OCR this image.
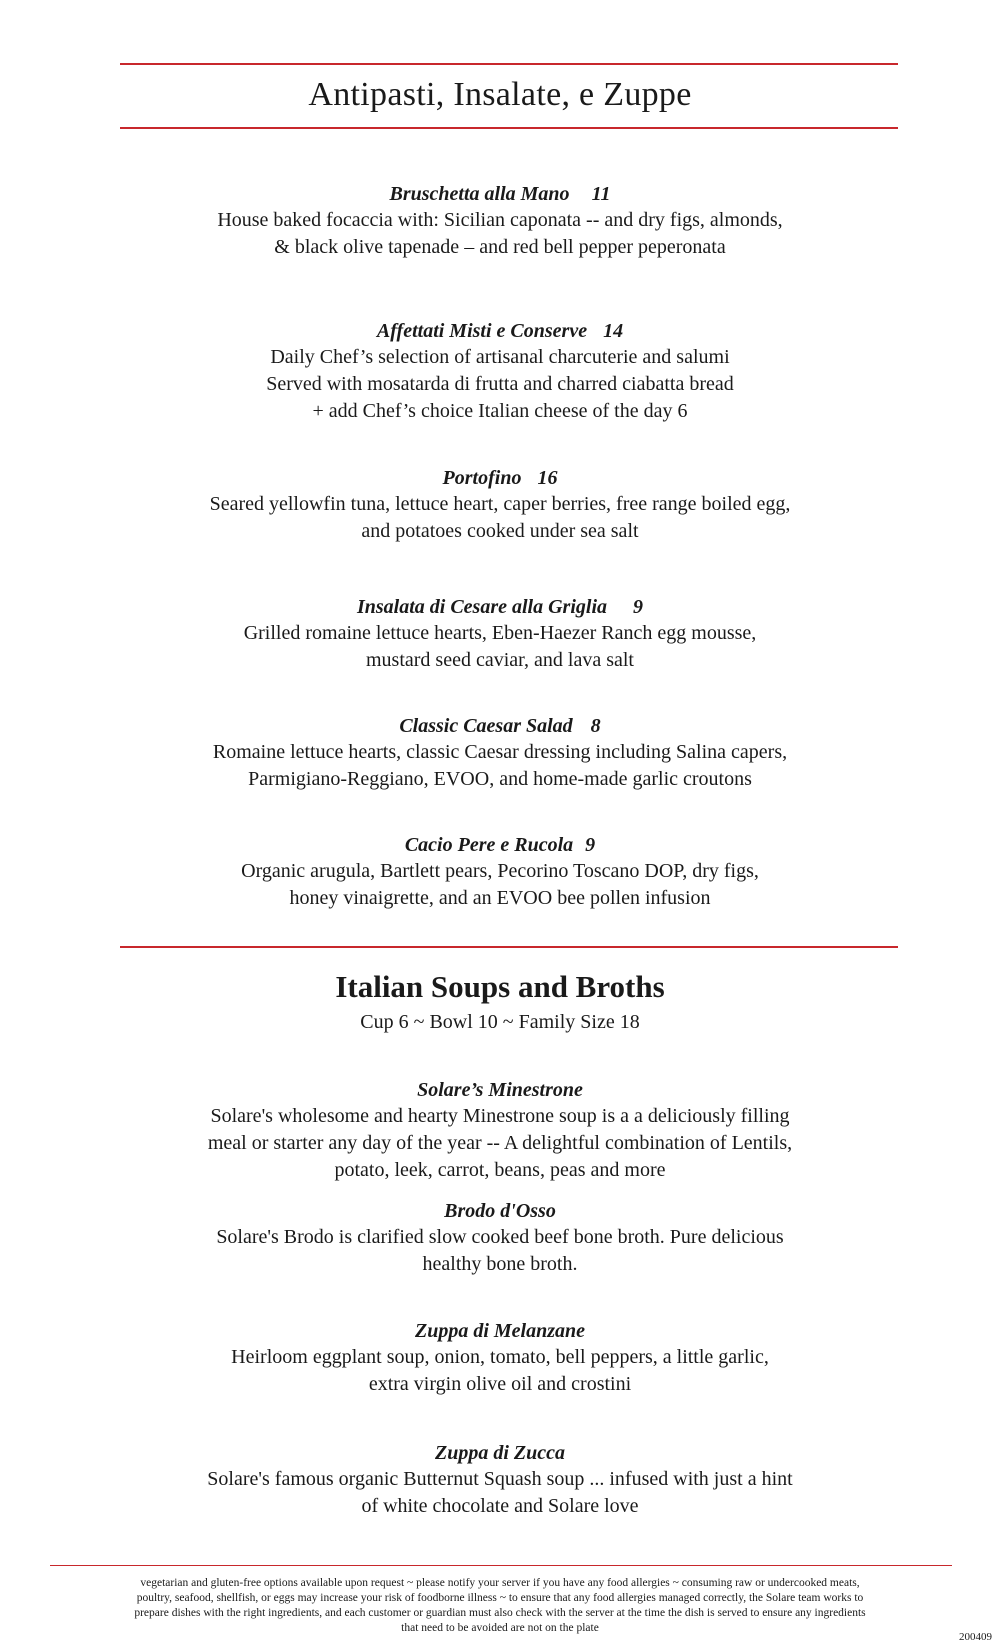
Antipasti, Insalate, e Zuppe
Bruschetta alla Mano 11
House baked focaccia with: Sicilian caponata -- and dry figs, almonds,
& black olive tapenade – and red bell pepper peperonata
Affettati Misti e Conserve 14
Daily Chef’s selection of artisanal charcuterie and salumi
Served with mosatarda di frutta and charred ciabatta bread
+ add Chef’s choice Italian cheese of the day 6
Portofino 16
Seared yellowfin tuna, lettuce heart, caper berries, free range boiled egg,
and potatoes cooked under sea salt
Insalata di Cesare alla Griglia 9
Grilled romaine lettuce hearts, Eben-Haezer Ranch egg mousse,
mustard seed caviar, and lava salt
Classic Caesar Salad 8
Romaine lettuce hearts, classic Caesar dressing including Salina capers,
Parmigiano-Reggiano, EVOO, and home-made garlic croutons
Cacio Pere e Rucola 9
Organic arugula, Bartlett pears, Pecorino Toscano DOP, dry figs,
honey vinaigrette, and an EVOO bee pollen infusion
Italian Soups and Broths
Cup 6 ~ Bowl 10 ~ Family Size 18
Solare’s Minestrone
Solare's wholesome and hearty Minestrone soup is a a deliciously filling
meal or starter any day of the year -- A delightful combination of Lentils,
potato, leek, carrot, beans, peas and more
Brodo d'Osso
Solare's Brodo is clarified slow cooked beef bone broth. Pure delicious
healthy bone broth.
Zuppa di Melanzane
Heirloom eggplant soup, onion, tomato, bell peppers, a little garlic,
extra virgin olive oil and crostini
Zuppa di Zucca
Solare's famous organic Butternut Squash soup ... infused with just a hint
of white chocolate and Solare love
vegetarian and gluten-free options available upon request ~ please notify your server if you have any food allergies ~ consuming raw or undercooked meats,
poultry, seafood, shellfish, or eggs may increase your risk of foodborne illness ~ to ensure that any food allergies managed correctly, the Solare team works to
prepare dishes with the right ingredients, and each customer or guardian must also check with the server at the time the dish is served to ensure any ingredients
that need to be avoided are not on the plate
200409
